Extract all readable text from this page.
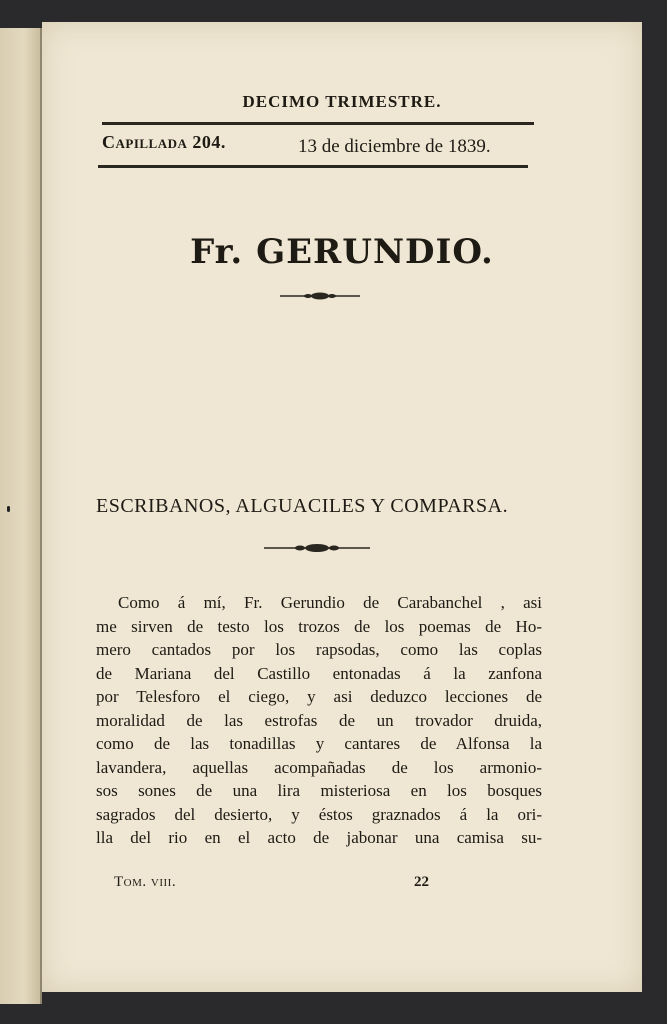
DECIMO TRIMESTRE.
Capillada 204.	13 de diciembre de 1839.
Fr. GERUNDIO.
ESCRIBANOS, ALGUACILES Y COMPARSA.
Como á mí, Fr. Gerundio de Carabanchel , asi
me sirven de testo los trozos de los poemas de Ho-
mero cantados por los rapsodas, como las coplas
de Mariana del Castillo entonadas á la zanfona
por Telesforo el ciego, y asi deduzco lecciones de
moralidad de las estrofas de un trovador druida,
como de las tonadillas y cantares de Alfonsa la
lavandera, aquellas acompañadas de los armonio-
sos sones de una lira misteriosa en los bosques
sagrados del desierto, y éstos graznados á la ori-
lla del rio en el acto de jabonar una camisa su-
Tom. viii.	22
